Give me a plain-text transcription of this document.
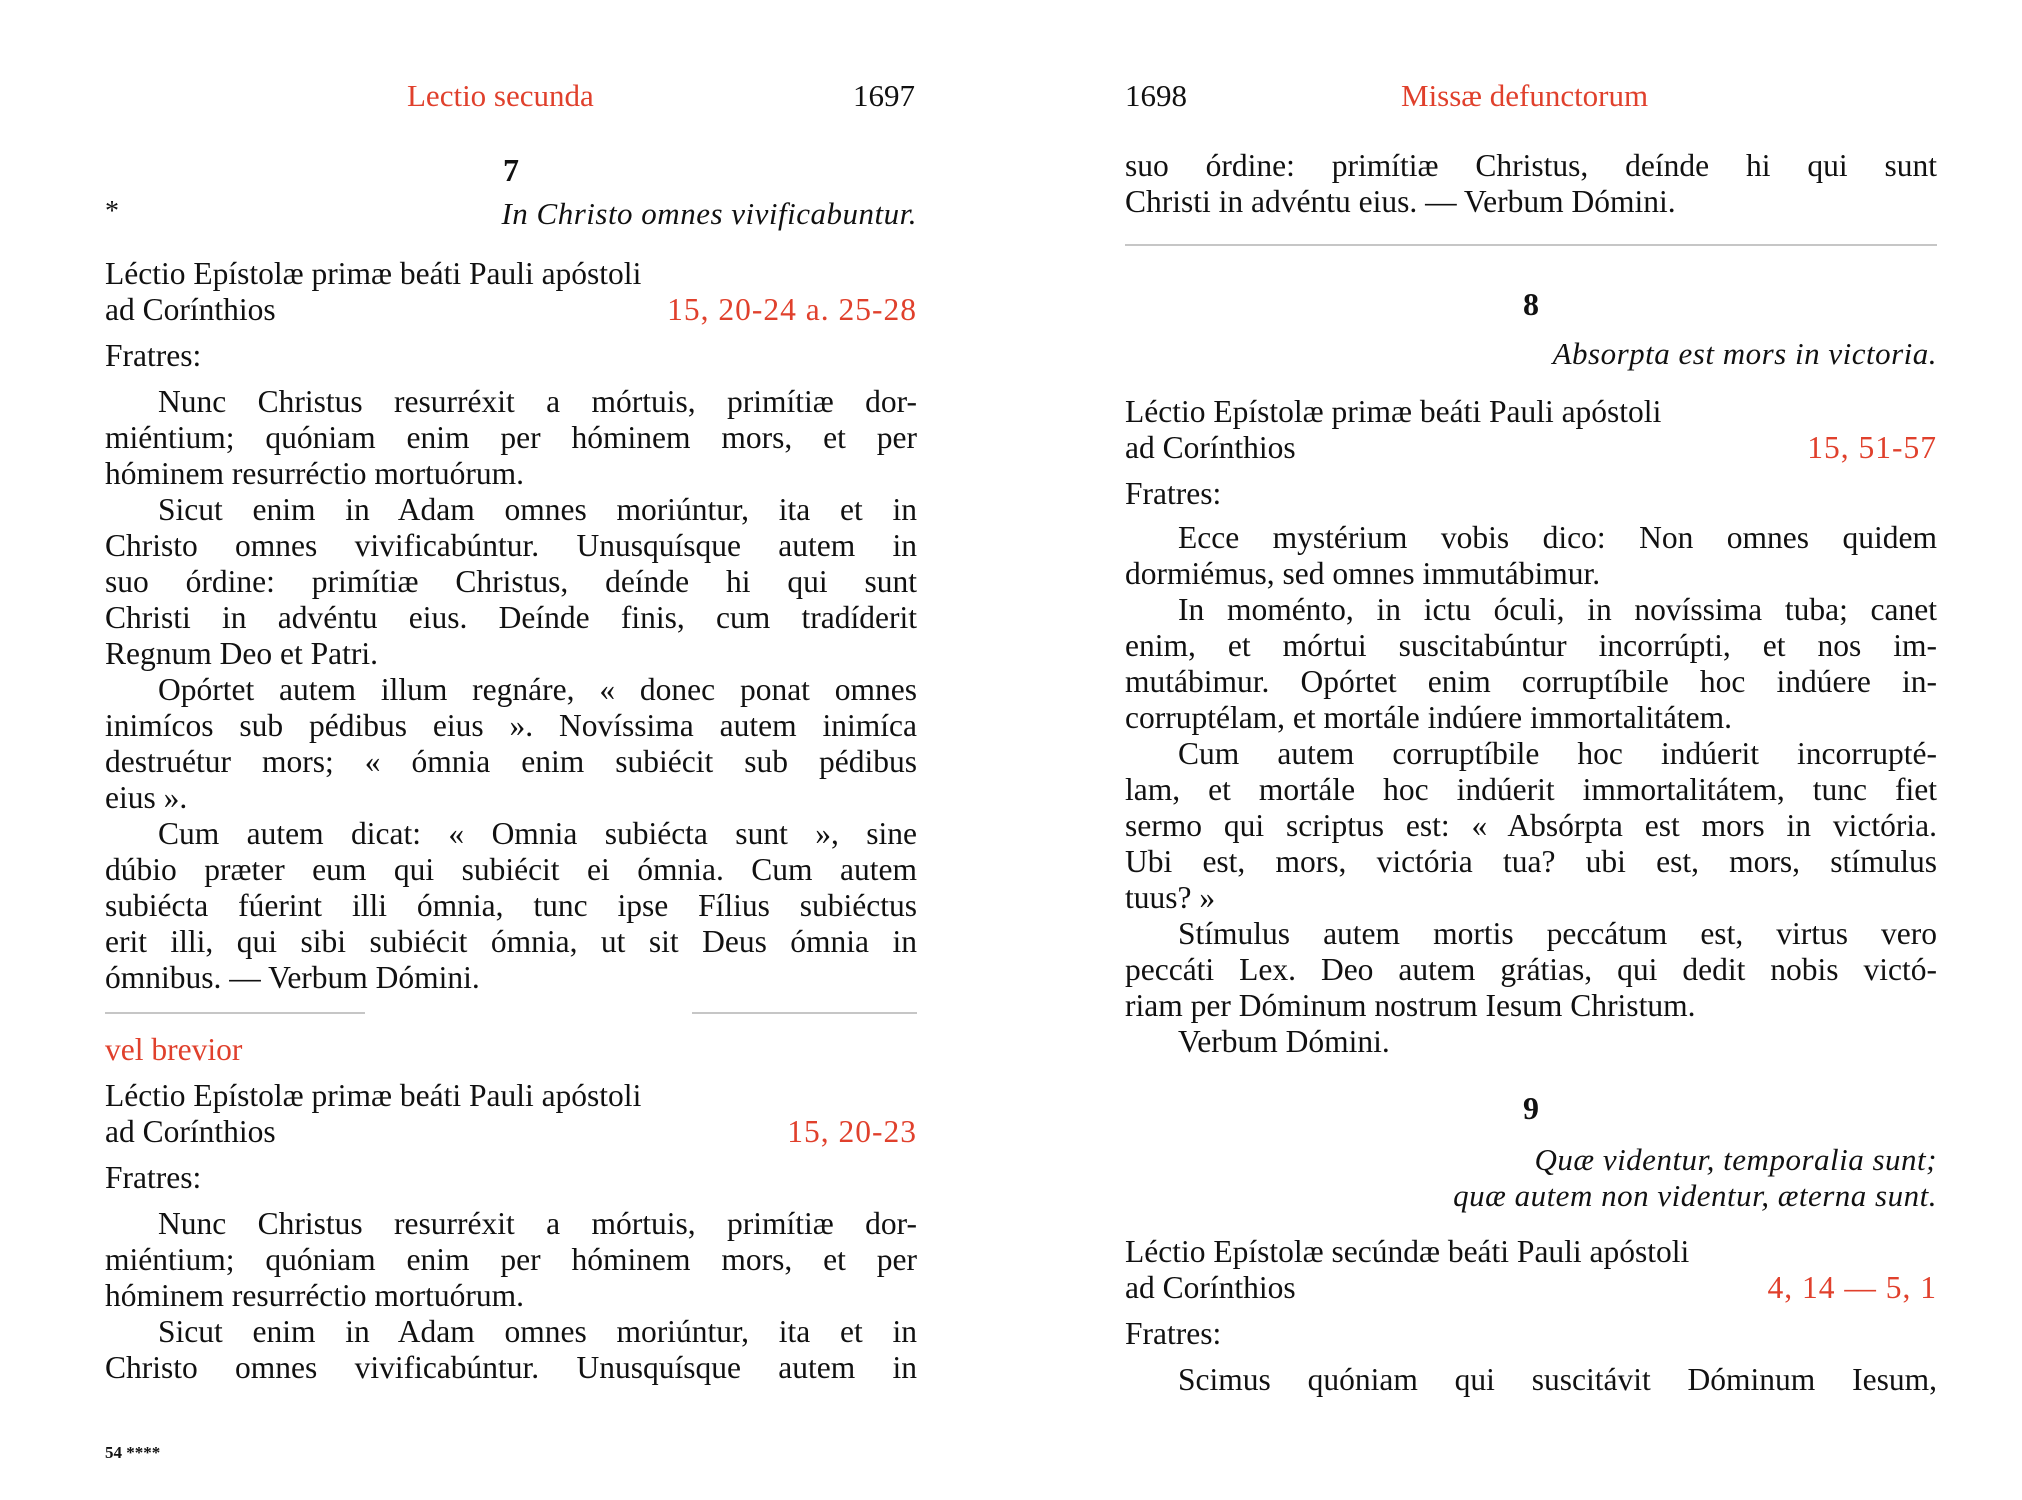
Lectio secunda	1697
7
*	In Christo omnes vivificabuntur.
Léctio Epístolæ primæ beáti Pauli apóstoli
ad Corínthios	15, 20-24 a. 25-28
Fratres:
Nunc Christus resurréxit a mórtuis, primítiæ dor-
miéntium; quóniam enim per hóminem mors, et per
hóminem resurréctio mortuórum.
Sicut enim in Adam omnes moriúntur, ita et in
Christo omnes vivificabúntur. Unusquísque autem in
suo órdine: primítiæ Christus, deínde hi qui sunt
Christi in advéntu eius. Deínde finis, cum tradíderit
Regnum Deo et Patri.
Opórtet autem illum regnáre, « donec ponat omnes
inimícos sub pédibus eius ». Novíssima autem inimíca
destruétur mors; « ómnia enim subiécit sub pédibus
eius ».
Cum autem dicat: « Omnia subiécta sunt », sine
dúbio præter eum qui subiécit ei ómnia. Cum autem
subiécta fúerint illi ómnia, tunc ipse Fílius subiéctus
erit illi, qui sibi subiécit ómnia, ut sit Deus ómnia in
ómnibus. — Verbum Dómini.
vel brevior
Léctio Epístolæ primæ beáti Pauli apóstoli
ad Corínthios	15, 20-23
Fratres:
Nunc Christus resurréxit a mórtuis, primítiæ dor-
miéntium; quóniam enim per hóminem mors, et per
hóminem resurréctio mortuórum.
Sicut enim in Adam omnes moriúntur, ita et in
Christo omnes vivificabúntur. Unusquísque autem in
54 ****
1698	Missæ defunctorum
suo órdine: primítiæ Christus, deínde hi qui sunt
Christi in advéntu eius. — Verbum Dómini.
8
Absorpta est mors in victoria.
Léctio Epístolæ primæ beáti Pauli apóstoli
ad Corínthios	15, 51-57
Fratres:
Ecce mystérium vobis dico: Non omnes quidem
dormiémus, sed omnes immutábimur.
In moménto, in ictu óculi, in novíssima tuba; canet
enim, et mórtui suscitabúntur incorrúpti, et nos im-
mutábimur. Opórtet enim corruptíbile hoc indúere in-
corruptélam, et mortále indúere immortalitátem.
Cum autem corruptíbile hoc indúerit incorrupté-
lam, et mortále hoc indúerit immortalitátem, tunc fiet
sermo qui scriptus est: « Absórpta est mors in victória.
Ubi est, mors, victória tua? ubi est, mors, stímulus
tuus? »
Stímulus autem mortis peccátum est, virtus vero
peccáti Lex. Deo autem grátias, qui dedit nobis victó-
riam per Dóminum nostrum Iesum Christum.
Verbum Dómini.
9
Quæ videntur, temporalia sunt;
quæ autem non videntur, æterna sunt.
Léctio Epístolæ secúndæ beáti Pauli apóstoli
ad Corínthios	4, 14 — 5, 1
Fratres:
Scimus quóniam qui suscitávit Dóminum Iesum,
